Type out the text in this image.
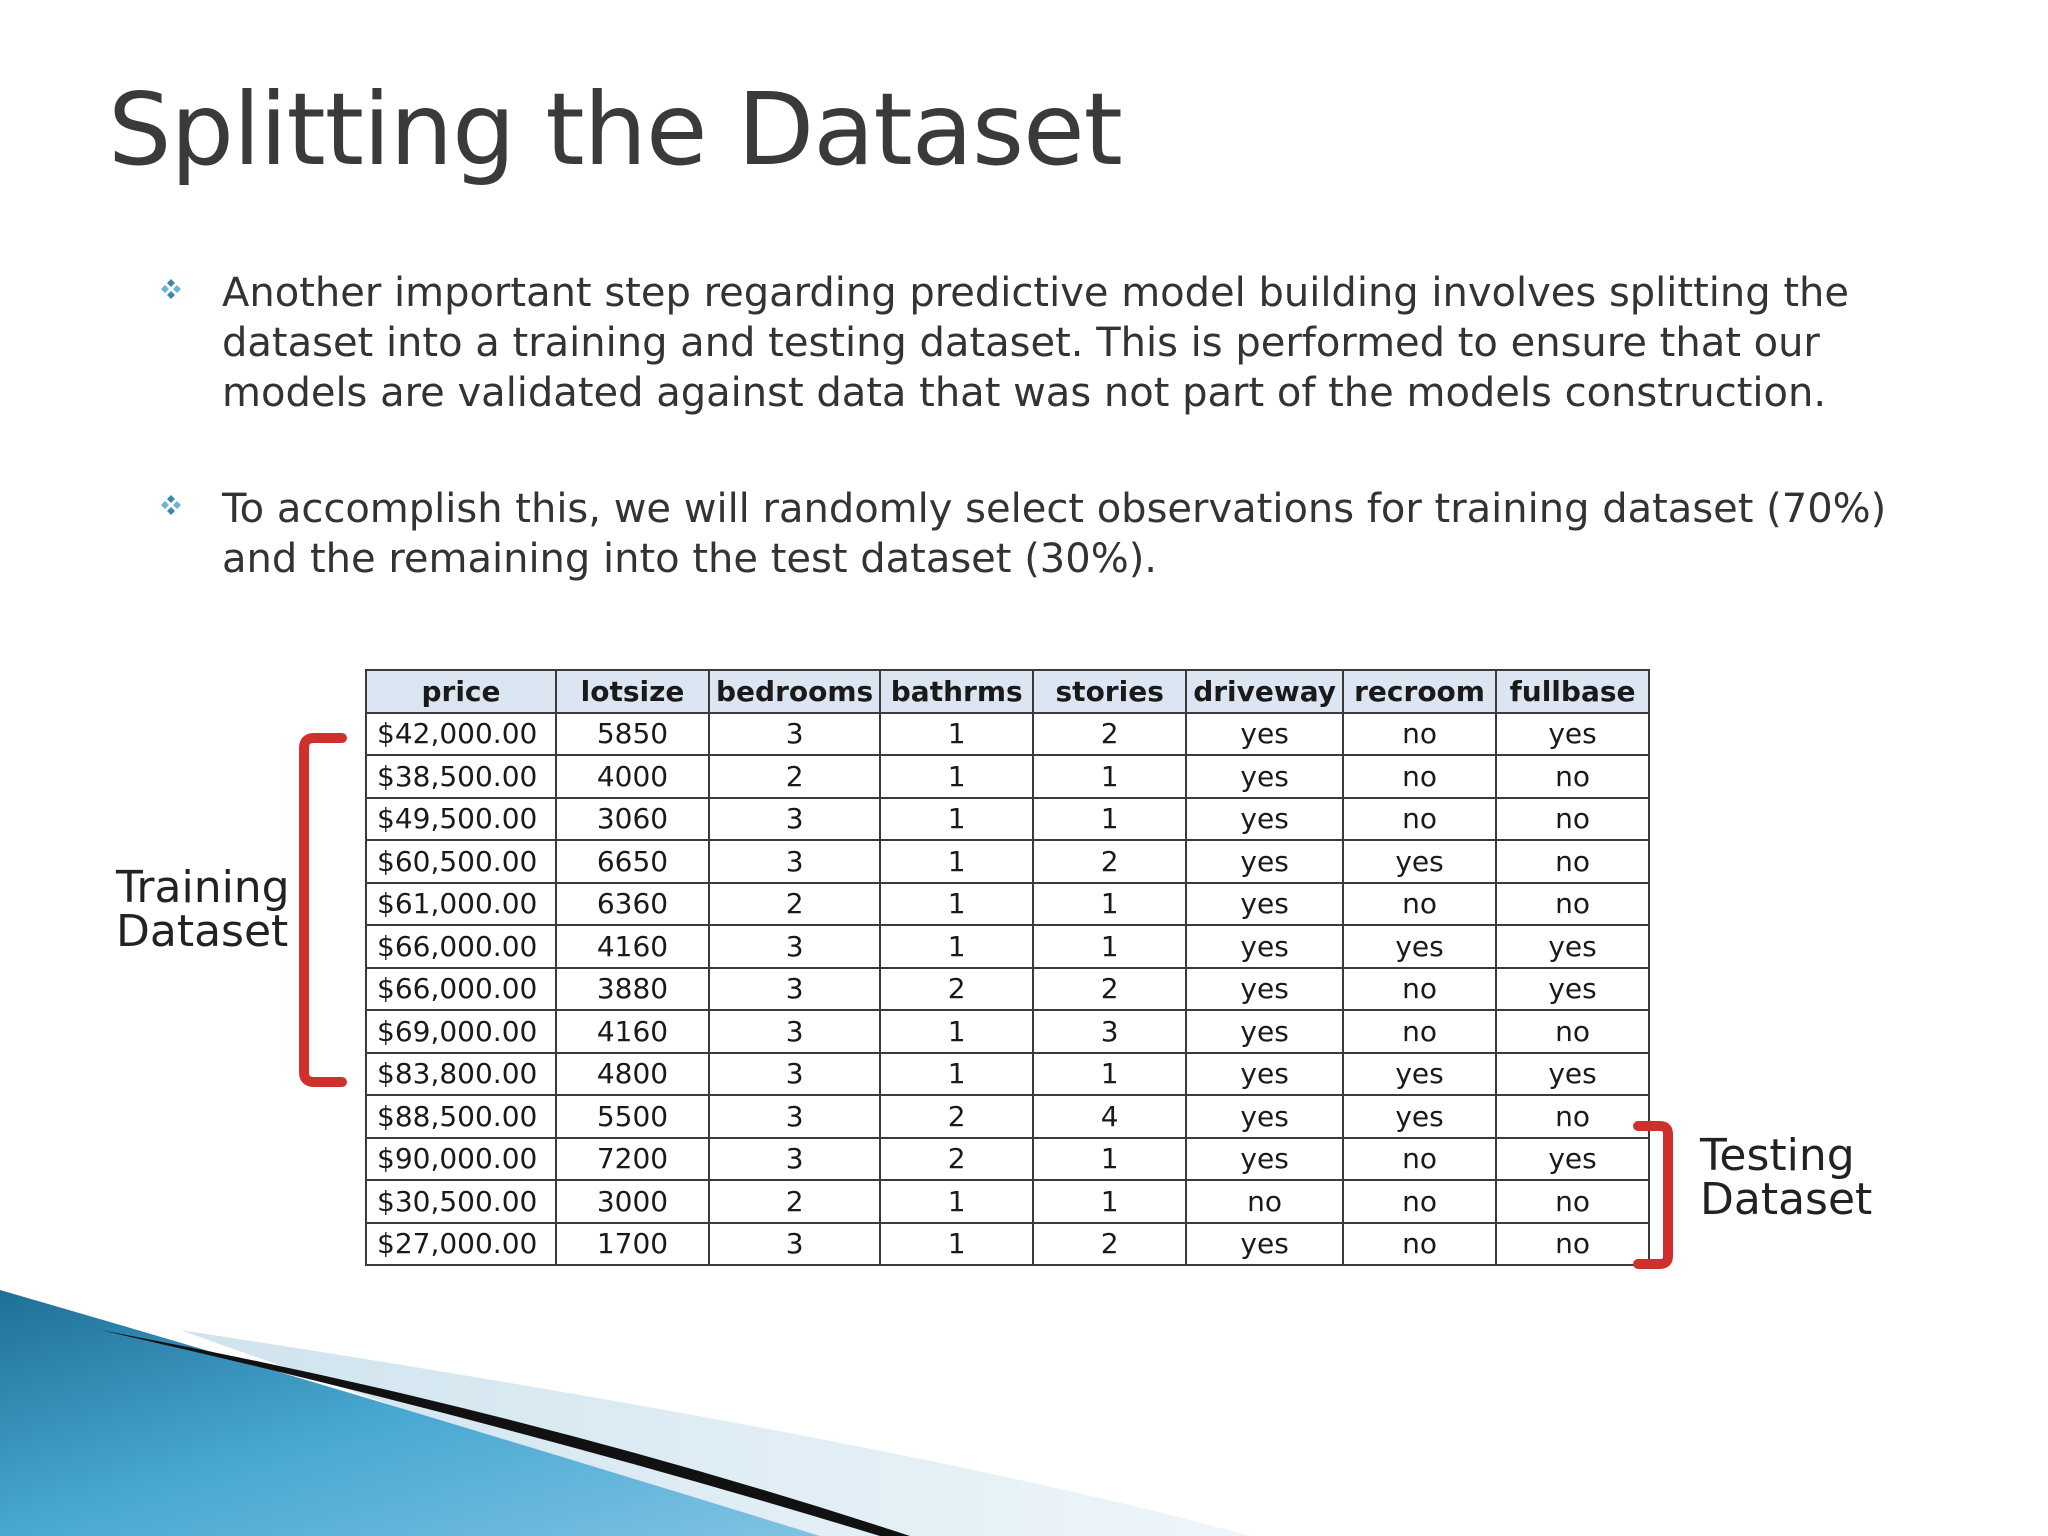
Splitting the Dataset
Another important step regarding predictive model building involves splitting the dataset into a training and testing dataset. This is performed to ensure that our models are validated against data that was not part of the models construction.
To accomplish this, we will randomly select observations for training dataset (70%) and the remaining into the test dataset (30%).
price	lotsize	bedrooms	bathrms	stories	driveway	recroom	fullbase
$42,000.00	5850	3	1	2	yes	no	yes
$38,500.00	4000	2	1	1	yes	no	no
$49,500.00	3060	3	1	1	yes	no	no
$60,500.00	6650	3	1	2	yes	yes	no
$61,000.00	6360	2	1	1	yes	no	no
$66,000.00	4160	3	1	1	yes	yes	yes
$66,000.00	3880	3	2	2	yes	no	yes
$69,000.00	4160	3	1	3	yes	no	no
$83,800.00	4800	3	1	1	yes	yes	yes
$88,500.00	5500	3	2	4	yes	yes	no
$90,000.00	7200	3	2	1	yes	no	yes
$30,500.00	3000	2	1	1	no	no	no
$27,000.00	1700	3	1	2	yes	no	no
Training
Dataset
Testing
Dataset
